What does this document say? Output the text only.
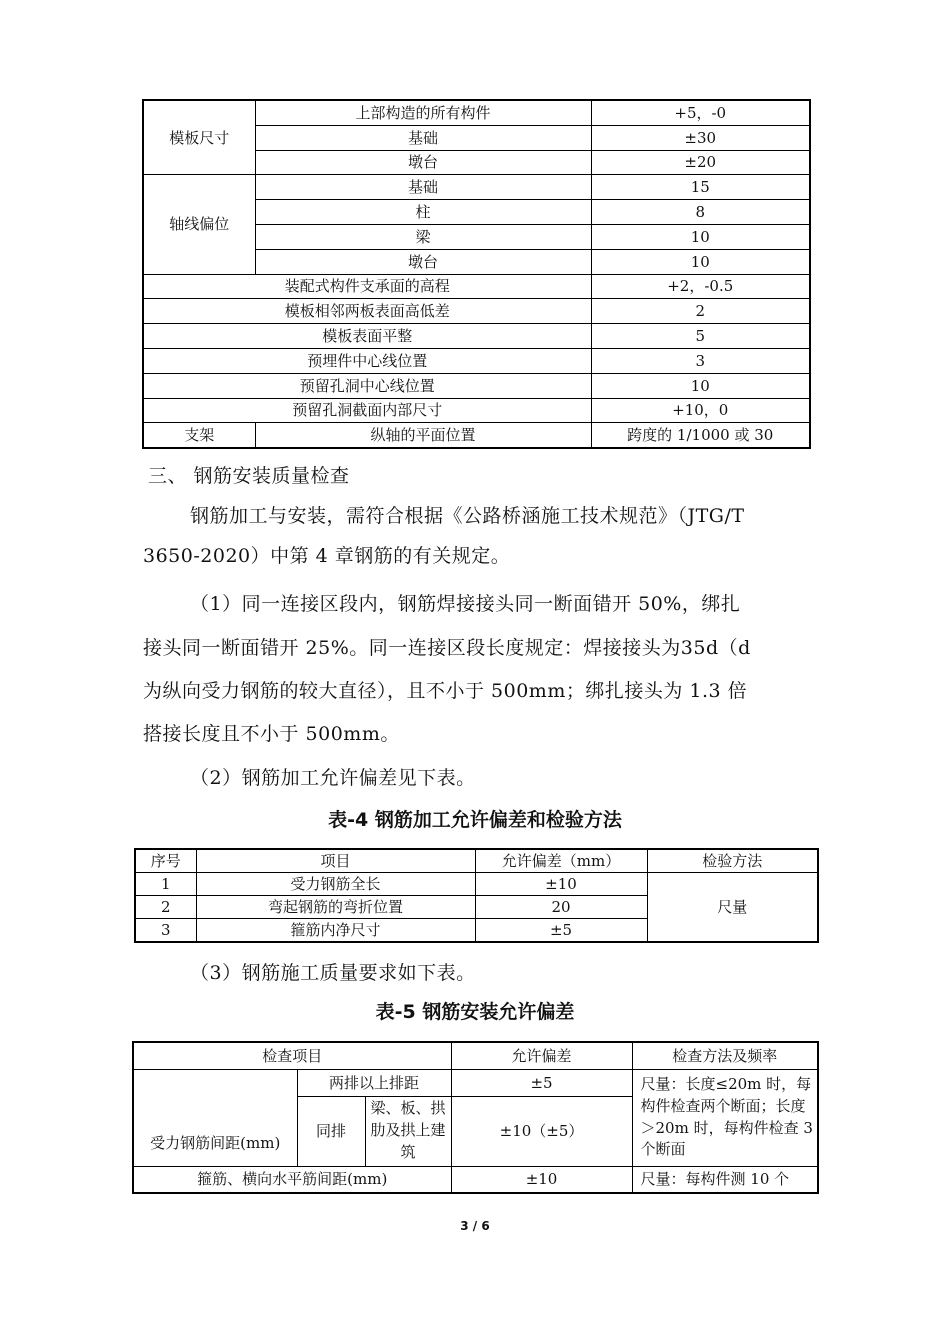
模板尺寸	上部构造的所有构件	+5，-0
	基础	±30
	墩台	±20
轴线偏位	基础	15
	柱	8
	梁	10
	墩台	10
装配式构件支承面的高程		+2，-0.5
模板相邻两板表面高低差		2
模板表面平整		5
预埋件中心线位置		3
预留孔洞中心线位置		10
预留孔洞截面内部尺寸		+10，0
支架	纵轴的平面位置	跨度的 1/1000 或 30
三、 钢筋安装质量检查
钢筋加工与安装，需符合根据《公路桥涵施工技术规范》（JTG/T
3650-2020）中第 4 章钢筋的有关规定。
（1）同一连接区段内，钢筋焊接接头同一断面错开 50%，绑扎
接头同一断面错开 25%。同一连接区段长度规定：焊接接头为35d（d
为纵向受力钢筋的较大直径），且不小于 500mm；绑扎接头为 1.3 倍
搭接长度且不小于 500mm。
（2）钢筋加工允许偏差见下表。
表-4 钢筋加工允许偏差和检验方法
序号	项目	允许偏差（mm）	检验方法
1	受力钢筋全长	±10	尺量
2	弯起钢筋的弯折位置	20	
3	箍筋内净尺寸	±5	
（3）钢筋施工质量要求如下表。
表-5 钢筋安装允许偏差
检查项目			允许偏差	检查方法及频率
受力钢筋间距(mm)	两排以上排距		±5	尺量：长度≤20m 时，每构件检查两个断面；长度＞20m 时，每构件检查 3 个断面
	同排	梁、板、拱肋及拱上建筑	±10（±5）	
箍筋、横向水平筋间距(mm)			±10	尺量：每构件测 10 个
3 / 6
